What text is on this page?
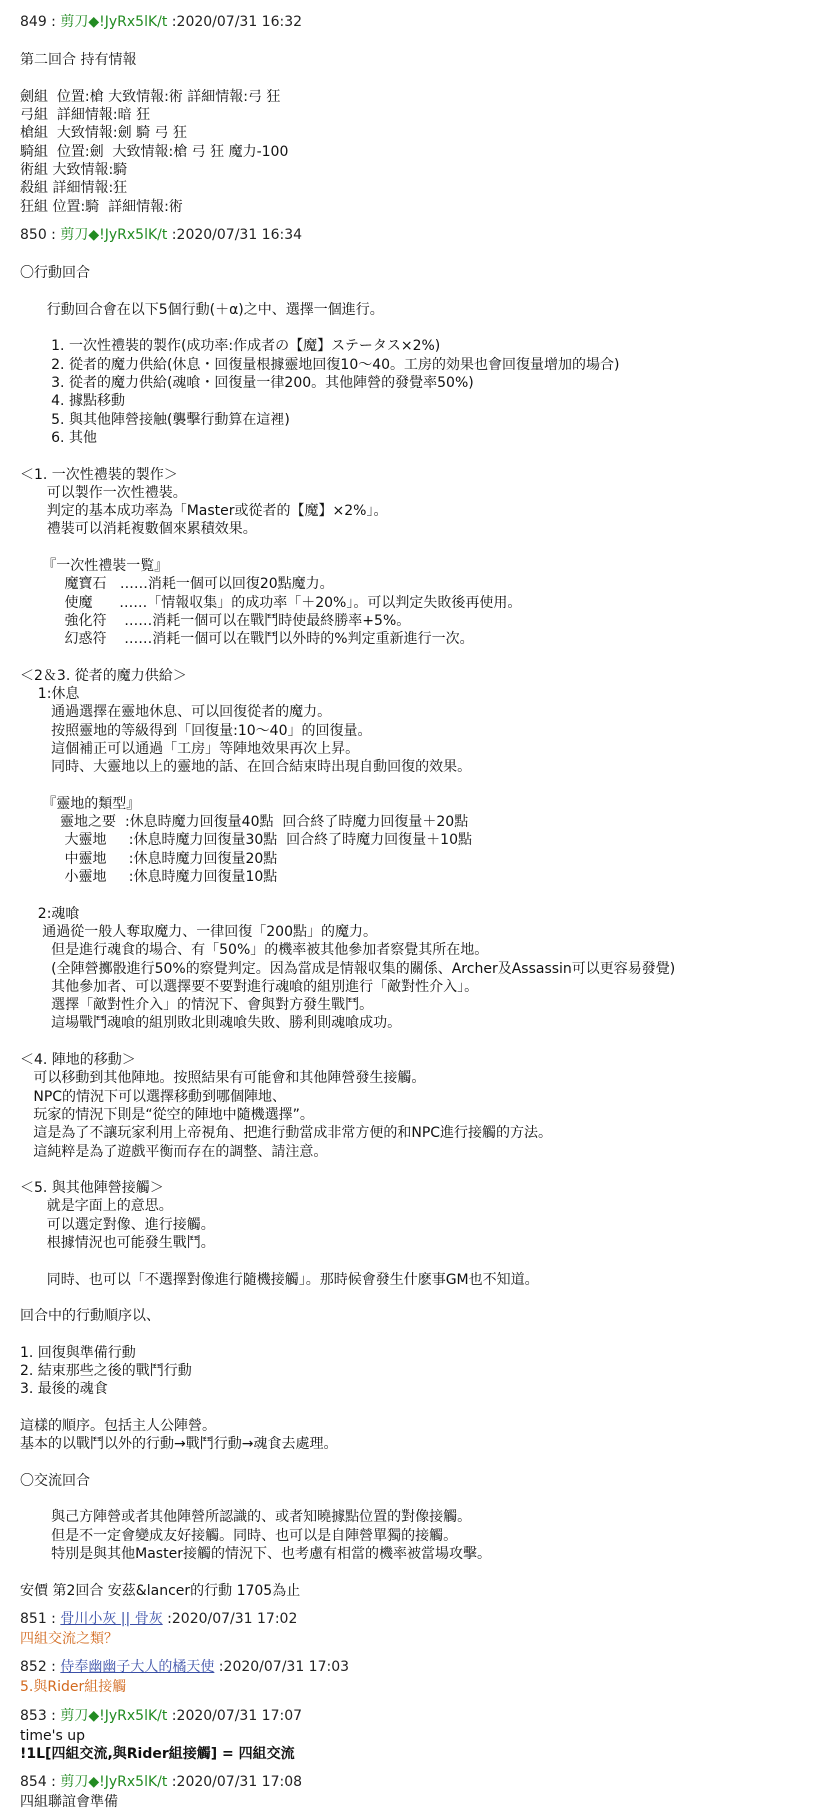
849 : 剪刀◆!JyRx5lK/t :2020/07/31 16:32
第二回合 持有情報
劍組  位置:槍 大致情報:術 詳細情報:弓 狂
弓組  詳細情報:暗 狂
槍組  大致情報:劍 騎 弓 狂
騎組  位置:劍  大致情報:槍 弓 狂 魔力-100
術組 大致情報:騎
殺組 詳細情報:狂
狂組 位置:騎  詳細情報:術
850 : 剪刀◆!JyRx5lK/t :2020/07/31 16:34
〇行動回合
行動回合會在以下5個行動(＋α)之中、選擇一個進行。
1. 一次性禮裝的製作(成功率:作成者の【魔】ステータス×2%)
2. 從者的魔力供給(休息・回復量根據靈地回復10～40。工房的効果也會回復量增加的場合)
3. 從者的魔力供給(魂喰・回復量一律200。其他陣營的發覺率50%)
4. 據點移動
5. 與其他陣營接触(襲擊行動算在這裡)
6. 其他
＜1. 一次性禮裝的製作＞
可以製作一次性禮裝。
判定的基本成功率為「Master或從者的【魔】×2%」。
禮裝可以消耗複數個來累積效果。
『一次性禮裝一覧』
魔寶石   ……消耗一個可以回復20點魔力。
使魔      ……「情報収集」的成功率「＋20%」。可以判定失敗後再使用。
強化符    ……消耗一個可以在戰鬥時使最終勝率+5%。
幻惑符    ……消耗一個可以在戰鬥以外時的%判定重新進行一次。
＜2＆3. 從者的魔力供給＞
1:休息
通過選擇在靈地休息、可以回復從者的魔力。
按照靈地的等級得到「回復量:10～40」的回復量。
這個補正可以通過「工房」等陣地效果再次上昇。
同時、大靈地以上的靈地的話、在回合結束時出現自動回復的效果。
『靈地的類型』
靈地之要  :休息時魔力回復量40點  回合終了時魔力回復量＋20點
大靈地     :休息時魔力回復量30點  回合終了時魔力回復量＋10點
中靈地     :休息時魔力回復量20點
小靈地     :休息時魔力回復量10點
2:魂喰
通過從一般人奪取魔力、一律回復「200點」的魔力。
但是進行魂食的場合、有「50%」的機率被其他參加者察覺其所在地。
(全陣營擲骰進行50%的察覺判定。因為當成是情報収集的關係、Archer及Assassin可以更容易發覺)
其他參加者、可以選擇要不要對進行魂喰的組別進行「敵對性介入」。
選擇「敵對性介入」的情況下、會與對方發生戰鬥。
這場戰鬥魂喰的組別敗北則魂喰失敗、勝利則魂喰成功。
＜4. 陣地的移動＞
可以移動到其他陣地。按照結果有可能會和其他陣營發生接觸。
NPC的情況下可以選擇移動到哪個陣地、
玩家的情況下則是“從空的陣地中隨機選擇”。
這是為了不讓玩家利用上帝視角、把進行動當成非常方便的和NPC進行接觸的方法。
這純粹是為了遊戲平衡而存在的調整、請注意。
＜5. 與其他陣營接觸＞
就是字面上的意思。
可以選定對像、進行接觸。
根據情況也可能發生戰鬥。
同時、也可以「不選擇對像進行隨機接觸」。那時候會發生什麽事GM也不知道。
回合中的行動順序以、
1. 回復與準備行動
2. 結束那些之後的戰鬥行動
3. 最後的魂食
這樣的順序。包括主人公陣營。
基本的以戰鬥以外的行動→戰鬥行動→魂食去處理。
〇交流回合
與己方陣營或者其他陣營所認識的、或者知曉據點位置的對像接觸。
但是不一定會變成友好接觸。同時、也可以是自陣營單獨的接觸。
特別是與其他Master接觸的情況下、也考慮有相當的機率被當場攻擊。
安價 第2回合 安茲&lancer的行動 1705為止
851 : 骨川小灰 || 骨灰 :2020/07/31 17:02
四組交流之類？
852 : 侍奉幽幽子大人的橘天使 :2020/07/31 17:03
5.與Rider組接觸
853 : 剪刀◆!JyRx5lK/t :2020/07/31 17:07
time's up
!1L[四組交流,與Rider組接觸] = 四組交流
854 : 剪刀◆!JyRx5lK/t :2020/07/31 17:08
四組聯誼會準備
